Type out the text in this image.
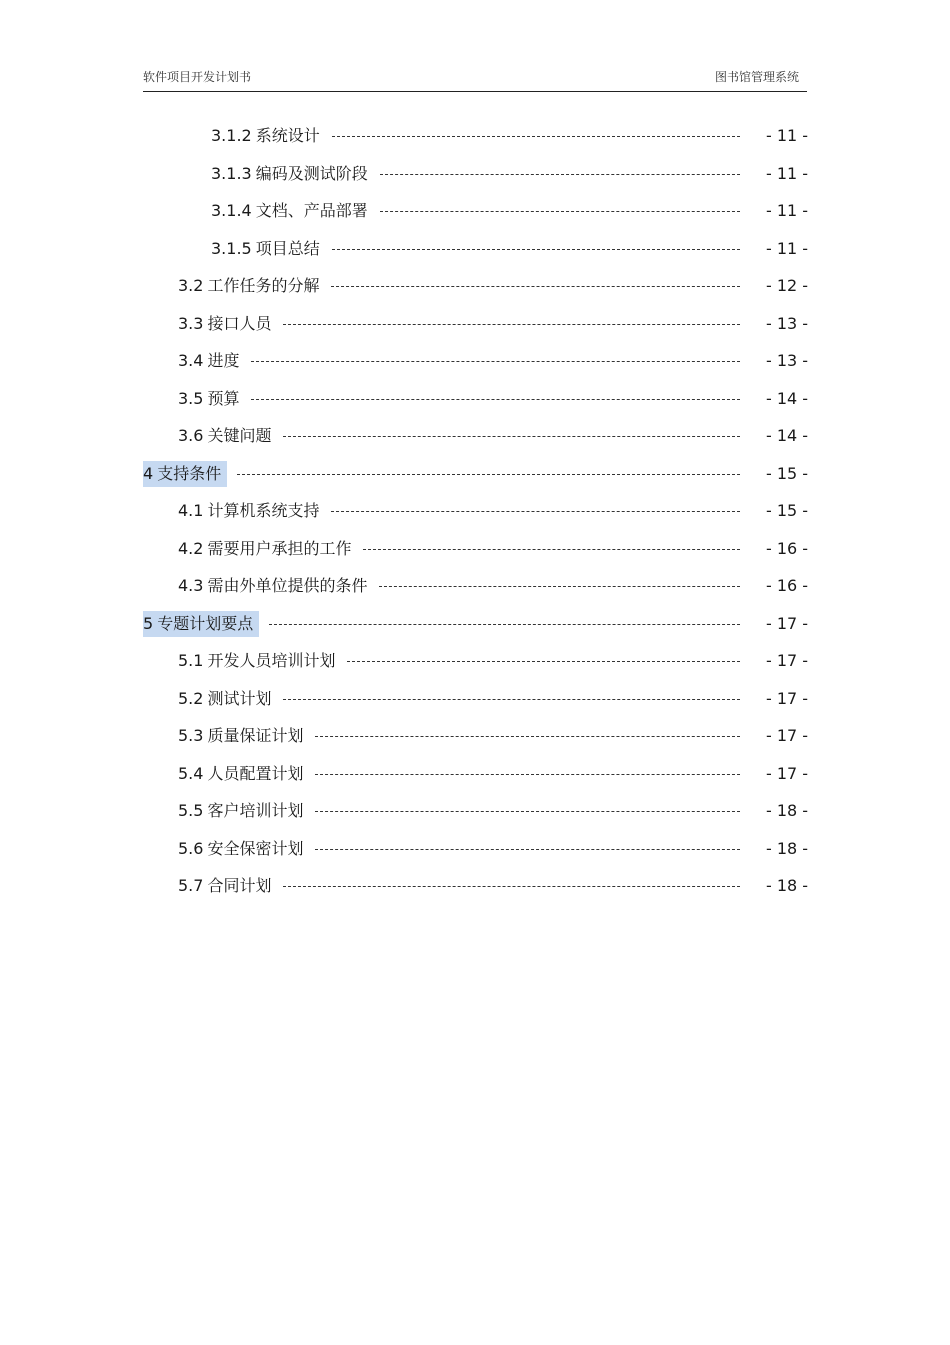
软件项目开发计划书	图书馆管理系统
3.1.2 系统设计	- 11 -
3.1.3 编码及测试阶段	- 11 -
3.1.4 文档、产品部署	- 11 -
3.1.5 项目总结	- 11 -
3.2 工作任务的分解	- 12 -
3.3 接口人员	- 13 -
3.4 进度	- 13 -
3.5 预算	- 14 -
3.6 关键问题	- 14 -
4 支持条件	- 15 -
4.1 计算机系统支持	- 15 -
4.2 需要用户承担的工作	- 16 -
4.3 需由外单位提供的条件	- 16 -
5 专题计划要点	- 17 -
5.1 开发人员培训计划	- 17 -
5.2 测试计划	- 17 -
5.3 质量保证计划	- 17 -
5.4 人员配置计划	- 17 -
5.5 客户培训计划	- 18 -
5.6 安全保密计划	- 18 -
5.7 合同计划	- 18 -
